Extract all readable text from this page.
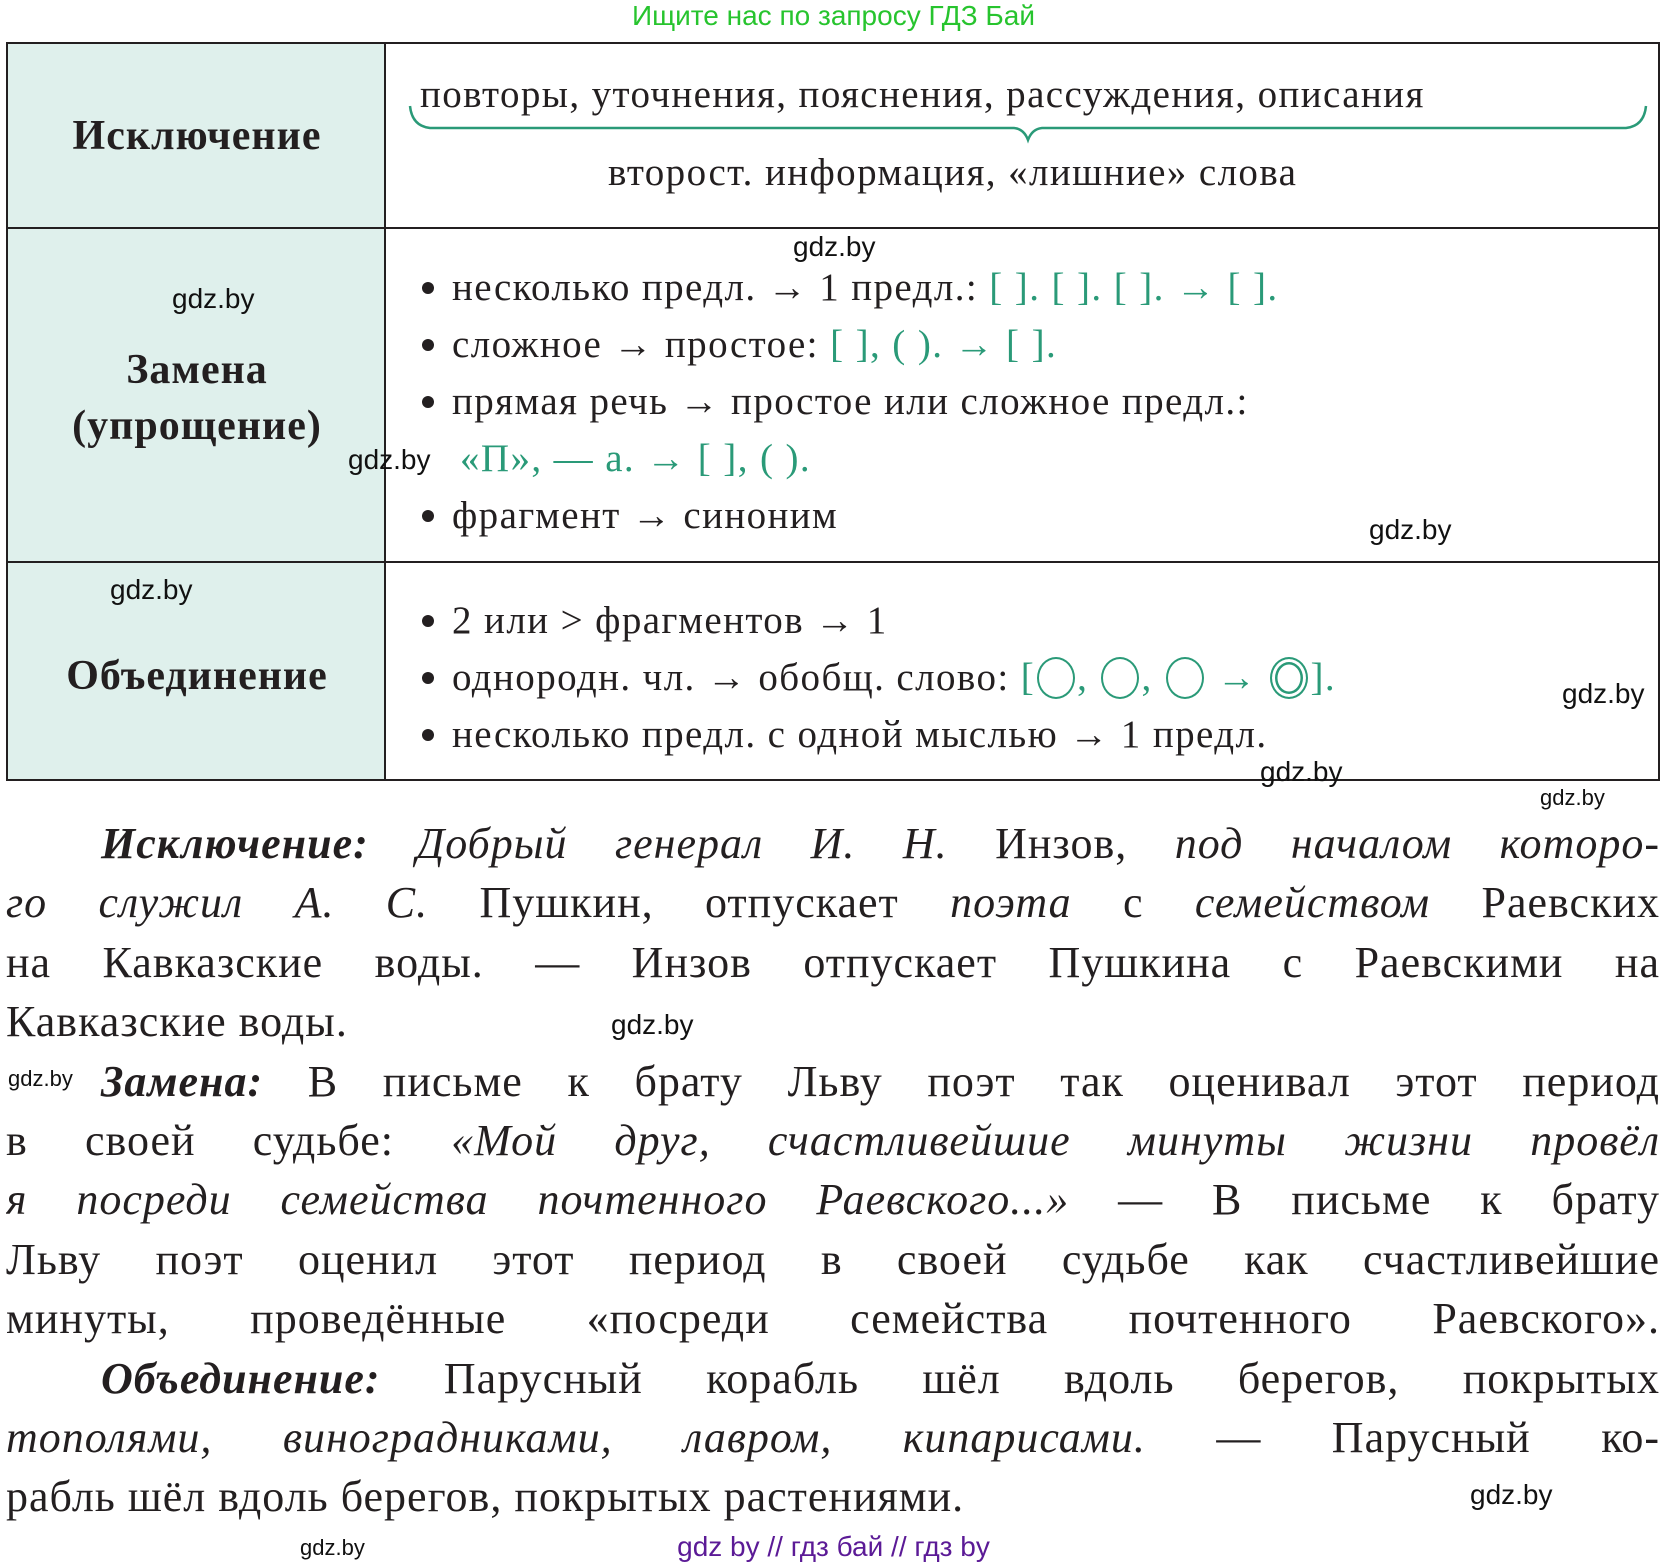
Ищите нас по запросу ГДЗ Бай
Исключение
повторы, уточнения, пояснения, рассуждения, описания
второст. информация, «лишние» слова
Замена
(упрощение)
несколько предл. → 1 предл.: [ ]. [ ]. [ ]. → [ ].
сложное → простое: [ ], ( ). → [ ].
прямая речь → простое или сложное предл.:
«П», — а. → [ ], ( ).
фрагмент → синоним
Объединение
2 или > фрагментов → 1
однородн. чл. → обобщ. слово: [ , , → ].
несколько предл. с одной мыслью → 1 предл.
Исключение: Добрый генерал И. Н. Инзов, под началом которо-
го служил А. С. Пушкин, отпускает поэта с семейством Раевских
на Кавказские воды. — Инзов отпускает Пушкина с Раевскими на
Кавказские воды.
Замена: В письме к брату Льву поэт так оценивал этот период
в своей судьбе: «Мой друг, счастливейшие минуты жизни провёл
я посреди семейства почтенного Раевского...» — В письме к брату
Льву поэт оценил этот период в своей судьбе как счастливейшие
минуты, проведённые «посреди семейства почтенного Раевского».
Объединение: Парусный корабль шёл вдоль берегов, покрытых
тополями, виноградниками, лавром, кипарисами. — Парусный ко-
рабль шёл вдоль берегов, покрытых растениями.
gdz.by
gdz.by
gdz.by
gdz.by
gdz.by
gdz.by
gdz.by
gdz.by
gdz.by
gdz.by
gdz.by
gdz.by
gdz by // гдз бай // гдз by
